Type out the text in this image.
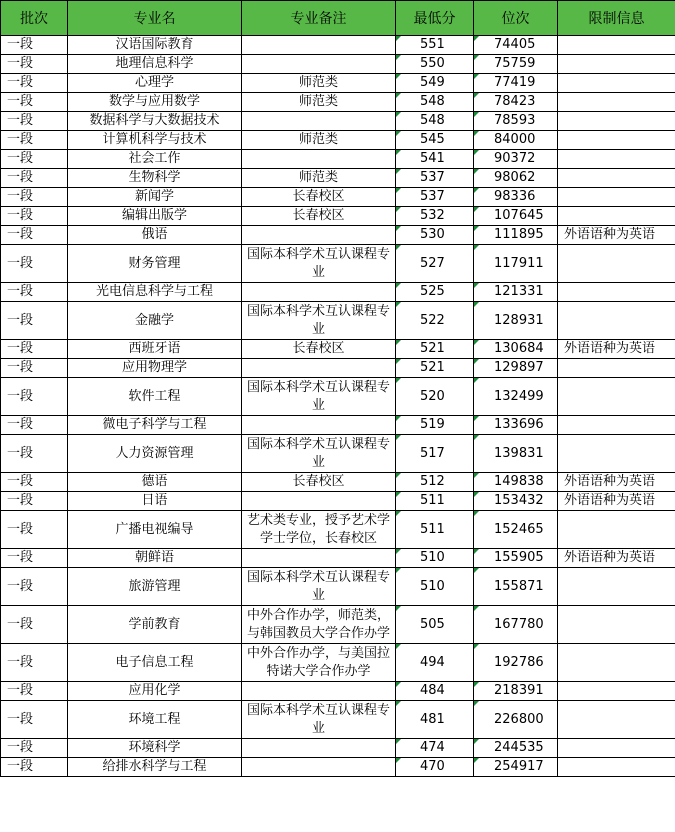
批次	专业名	专业备注	最低分	位次	限制信息
一段	汉语国际教育		551	74405	
一段	地理信息科学		550	75759	
一段	心理学	师范类	549	77419	
一段	数学与应用数学	师范类	548	78423	
一段	数据科学与大数据技术		548	78593	
一段	计算机科学与技术	师范类	545	84000	
一段	社会工作		541	90372	
一段	生物科学	师范类	537	98062	
一段	新闻学	长春校区	537	98336	
一段	编辑出版学	长春校区	532	107645	
一段	俄语		530	111895	外语语种为英语
一段	财务管理	国际本科学术互认课程专业	527	117911	
一段	光电信息科学与工程		525	121331	
一段	金融学	国际本科学术互认课程专业	522	128931	
一段	西班牙语	长春校区	521	130684	外语语种为英语
一段	应用物理学		521	129897	
一段	软件工程	国际本科学术互认课程专业	520	132499	
一段	微电子科学与工程		519	133696	
一段	人力资源管理	国际本科学术互认课程专业	517	139831	
一段	德语	长春校区	512	149838	外语语种为英语
一段	日语		511	153432	外语语种为英语
一段	广播电视编导	艺术类专业，授予艺术学学士学位，长春校区	511	152465	
一段	朝鲜语		510	155905	外语语种为英语
一段	旅游管理	国际本科学术互认课程专业	510	155871	
一段	学前教育	中外合作办学，师范类，与韩国教员大学合作办学	505	167780	
一段	电子信息工程	中外合作办学，与美国拉特诺大学合作办学	494	192786	
一段	应用化学		484	218391	
一段	环境工程	国际本科学术互认课程专业	481	226800	
一段	环境科学		474	244535	
一段	给排水科学与工程		470	254917	
